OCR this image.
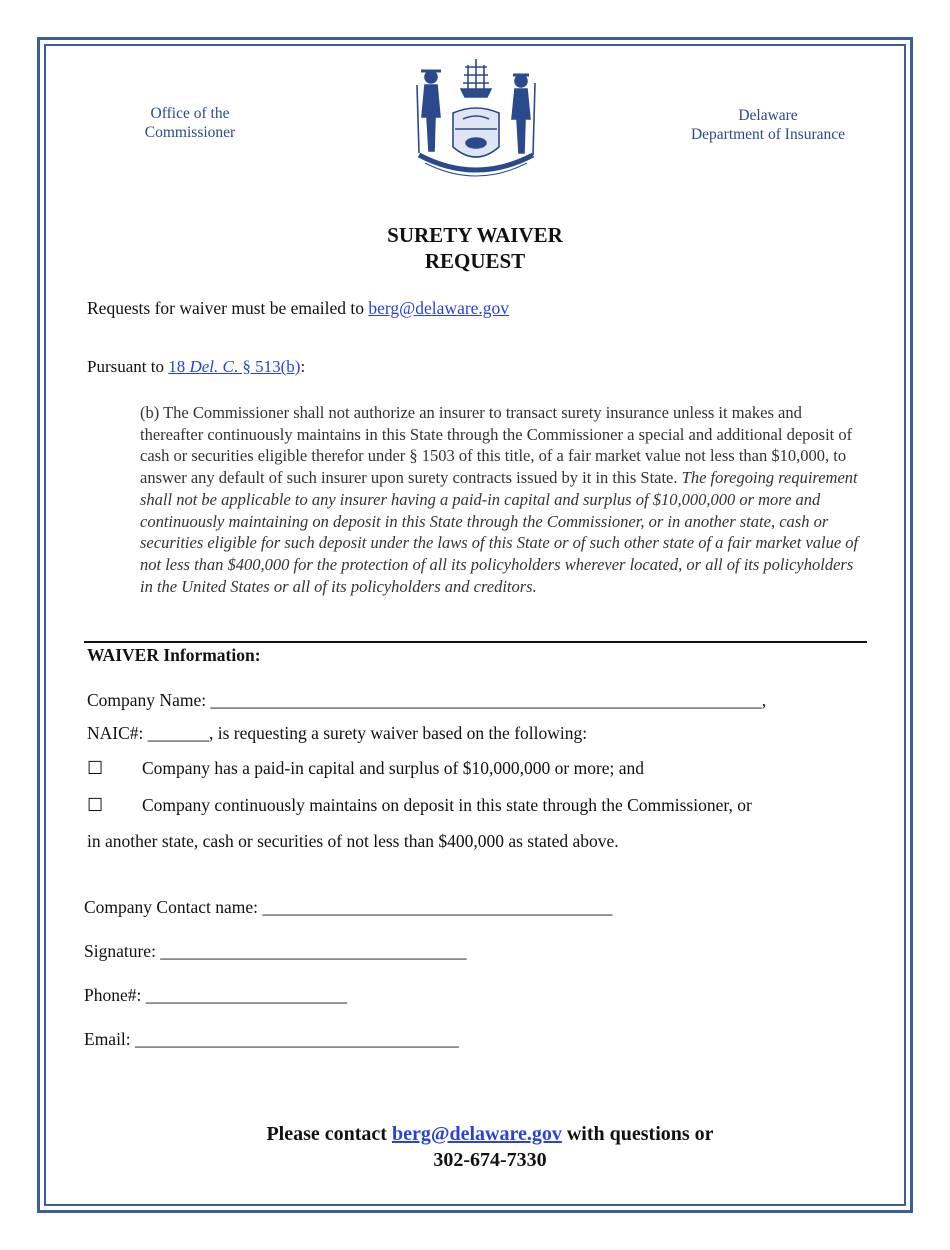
Office of the
Commissioner
Delaware
Department of Insurance
SURETY WAIVER
REQUEST
Requests for waiver must be emailed to berg@delaware.gov
Pursuant to 18 Del. C. § 513(b):
(b) The Commissioner shall not authorize an insurer to transact surety insurance unless it makes and thereafter continuously maintains in this State through the Commissioner a special and additional deposit of cash or securities eligible therefor under § 1503 of this title, of a fair market value not less than $10,000, to answer any default of such insurer upon surety contracts issued by it in this State. The foregoing requirement shall not be applicable to any insurer having a paid-in capital and surplus of $10,000,000 or more and continuously maintaining on deposit in this State through the Commissioner, or in another state, cash or securities eligible for such deposit under the laws of this State or of such other state of a fair market value of not less than $400,000 for the protection of all its policyholders wherever located, or all of its policyholders in the United States or all of its policyholders and creditors.
WAIVER Information:
Company Name: _______________________________________________________________,
NAIC#: _______, is requesting a surety waiver based on the following:
☐ Company has a paid-in capital and surplus of $10,000,000 or more; and
☐ Company continuously maintains on deposit in this state through the Commissioner, or
in another state, cash or securities of not less than $400,000 as stated above.
Company Contact name: ________________________________________
Signature: ___________________________________
Phone#: _______________________
Email: _____________________________________
Please contact berg@delaware.gov with questions or
302-674-7330
